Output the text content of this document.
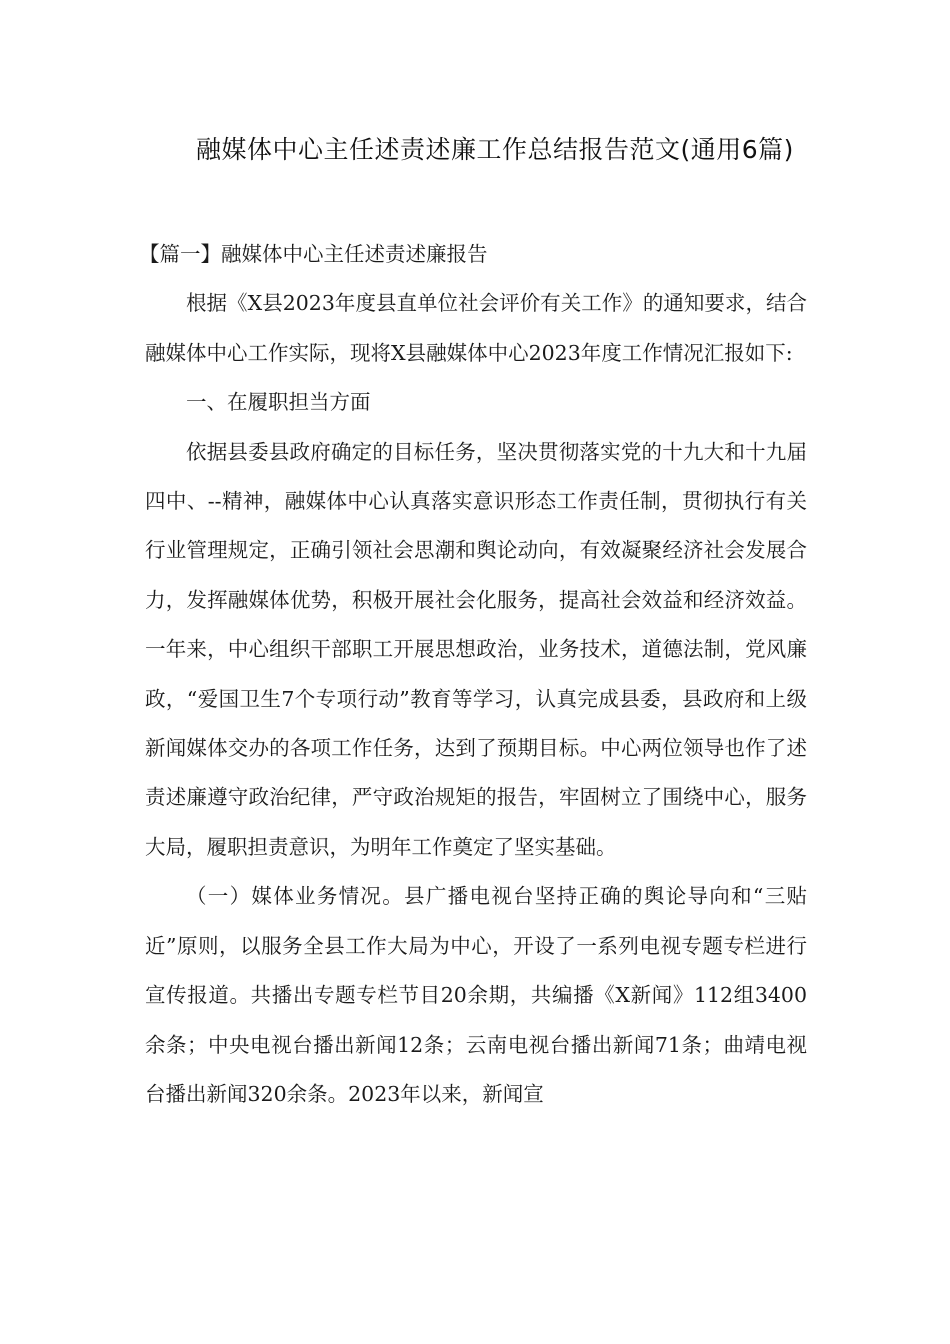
融媒体中心主任述责述廉工作总结报告范文(通用6篇)

【篇一】融媒体中心主任述责述廉报告

根据《X县2023年度县直单位社会评价有关工作》的通知要求，结合融媒体中心工作实际，现将X县融媒体中心2023年度工作情况汇报如下:

一、在履职担当方面

依据县委县政府确定的目标任务，坚决贯彻落实党的十九大和十九届四中、--精神，融媒体中心认真落实意识形态工作责任制，贯彻执行有关行业管理规定，正确引领社会思潮和舆论动向，有效凝聚经济社会发展合力，发挥融媒体优势，积极开展社会化服务，提高社会效益和经济效益。一年来，中心组织干部职工开展思想政治，业务技术，道德法制，党风廉政，“爱国卫生7个专项行动”教育等学习，认真完成县委，县政府和上级新闻媒体交办的各项工作任务，达到了预期目标。中心两位领导也作了述责述廉遵守政治纪律，严守政治规矩的报告，牢固树立了围绕中心，服务大局，履职担责意识，为明年工作奠定了坚实基础。

（一）媒体业务情况。县广播电视台坚持正确的舆论导向和“三贴近”原则，以服务全县工作大局为中心，开设了一系列电视专题专栏进行宣传报道。共播出专题专栏节目20余期，共编播《X新闻》112组3400余条；中央电视台播出新闻12条；云南电视台播出新闻71条；曲靖电视台播出新闻320余条。2023年以来，新闻宣
